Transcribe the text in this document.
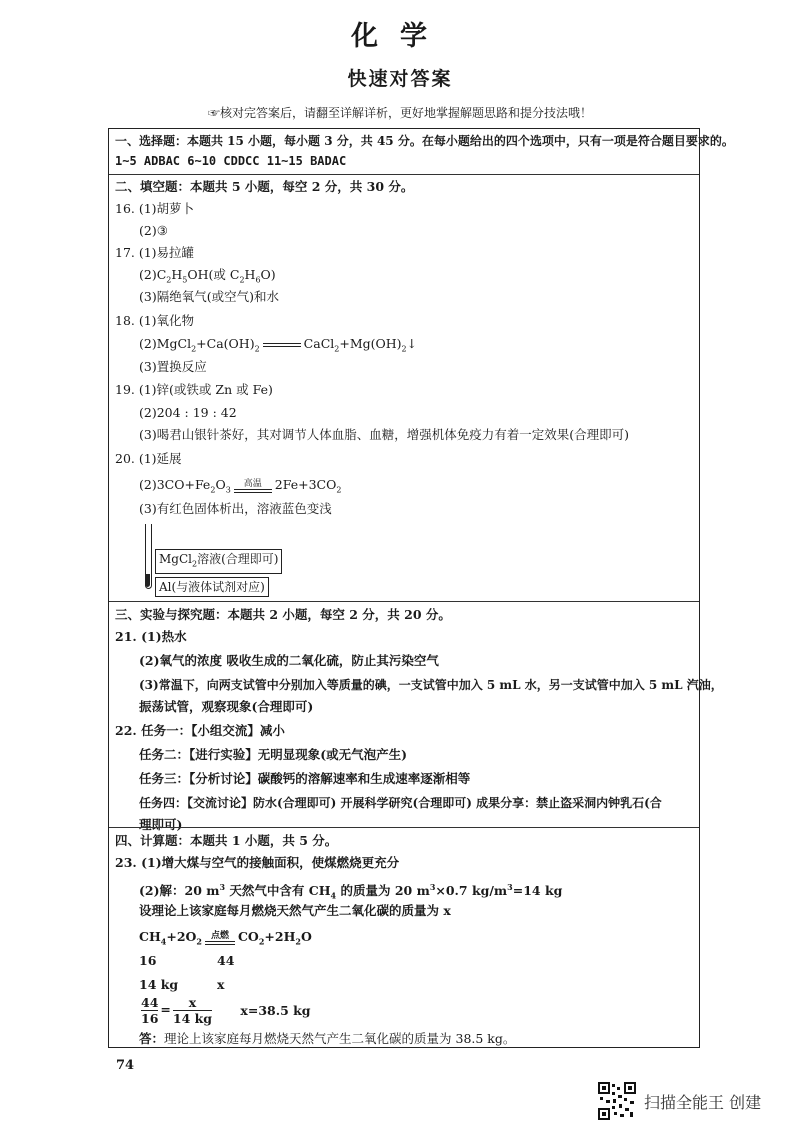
化学
快速对答案
☞核对完答案后，请翻至详解详析，更好地掌握解题思路和提分技法哦！
一、选择题：本题共 15 小题，每小题 3 分，共 45 分。在每小题给出的四个选项中，只有一项是符合题目要求的。
1~5 ADBAC 6~10 CDDCC 11~15 BADAC
二、填空题：本题共 5 小题，每空 2 分，共 30 分。
16. (1)胡萝卜
(2)③
17. (1)易拉罐
$(2)C_2H_5OH$(或 $C_2H_6O$)
(3)隔绝氧气(或空气)和水
18. (1)氧化物
$(2)MgCl_2+Ca(OH)_2$	$CaCl_2+Mg(OH)_2↓$
(3)置换反应
19. (1)锌(或铁或 Zn 或 Fe)
(2)204 : 19 : 42
(3)喝君山银针茶好，其对调节人体血脂、血糖，增强机体免疫力有着一定效果(合理即可)
20. (1)延展
$(2)3CO+Fe_2O_3$
高温	$2Fe+3CO_2$
(3)有红色固体析出，溶液蓝色变浅
MgCl$_2$溶液(合理即可)
Al(与液体试剂对应)
三、实验与探究题：本题共 2 小题，每空 2 分，共 20 分。
21. (1)热水
(2)氧气的浓度 吸收生成的二氧化硫，防止其污染空气
(3)常温下，向两支试管中分别加入等质量的碘，一支试管中加入 5 mL 水，另一支试管中加入 5 mL 汽油，
振荡试管，观察现象(合理即可)
22. 任务一：【小组交流】减小
任务二：【进行实验】无明显现象(或无气泡产生)
任务三：【分析讨论】碳酸钙的溶解速率和生成速率逐渐相等
任务四：【交流讨论】防水(合理即可) 开展科学研究(合理即可) 成果分享：禁止盗采洞内钟乳石(合
理即可)
四、计算题：本题共 1 小题，共 5 分。
23. (1)增大煤与空气的接触面积，使煤燃烧更充分
(2)解：20 $m^3$ 天然气中含有 $CH_4$ 的质量为 20 $m^3\times 0.7$ $kg/m^3=14$ kg
设理论上该家庭每月燃烧天然气产生二氧化碳的质量为 x
$CH_4+2O_2$
点燃 $CO_2+2H_2O$
16	44
14 kg	x
$\frac{44}{16} = \frac{x}{14 kg} x=38.5$ kg
答：理论上该家庭每月燃烧天然气产生二氧化碳的质量为 38.5 kg。
74
扫描全能王 创建
